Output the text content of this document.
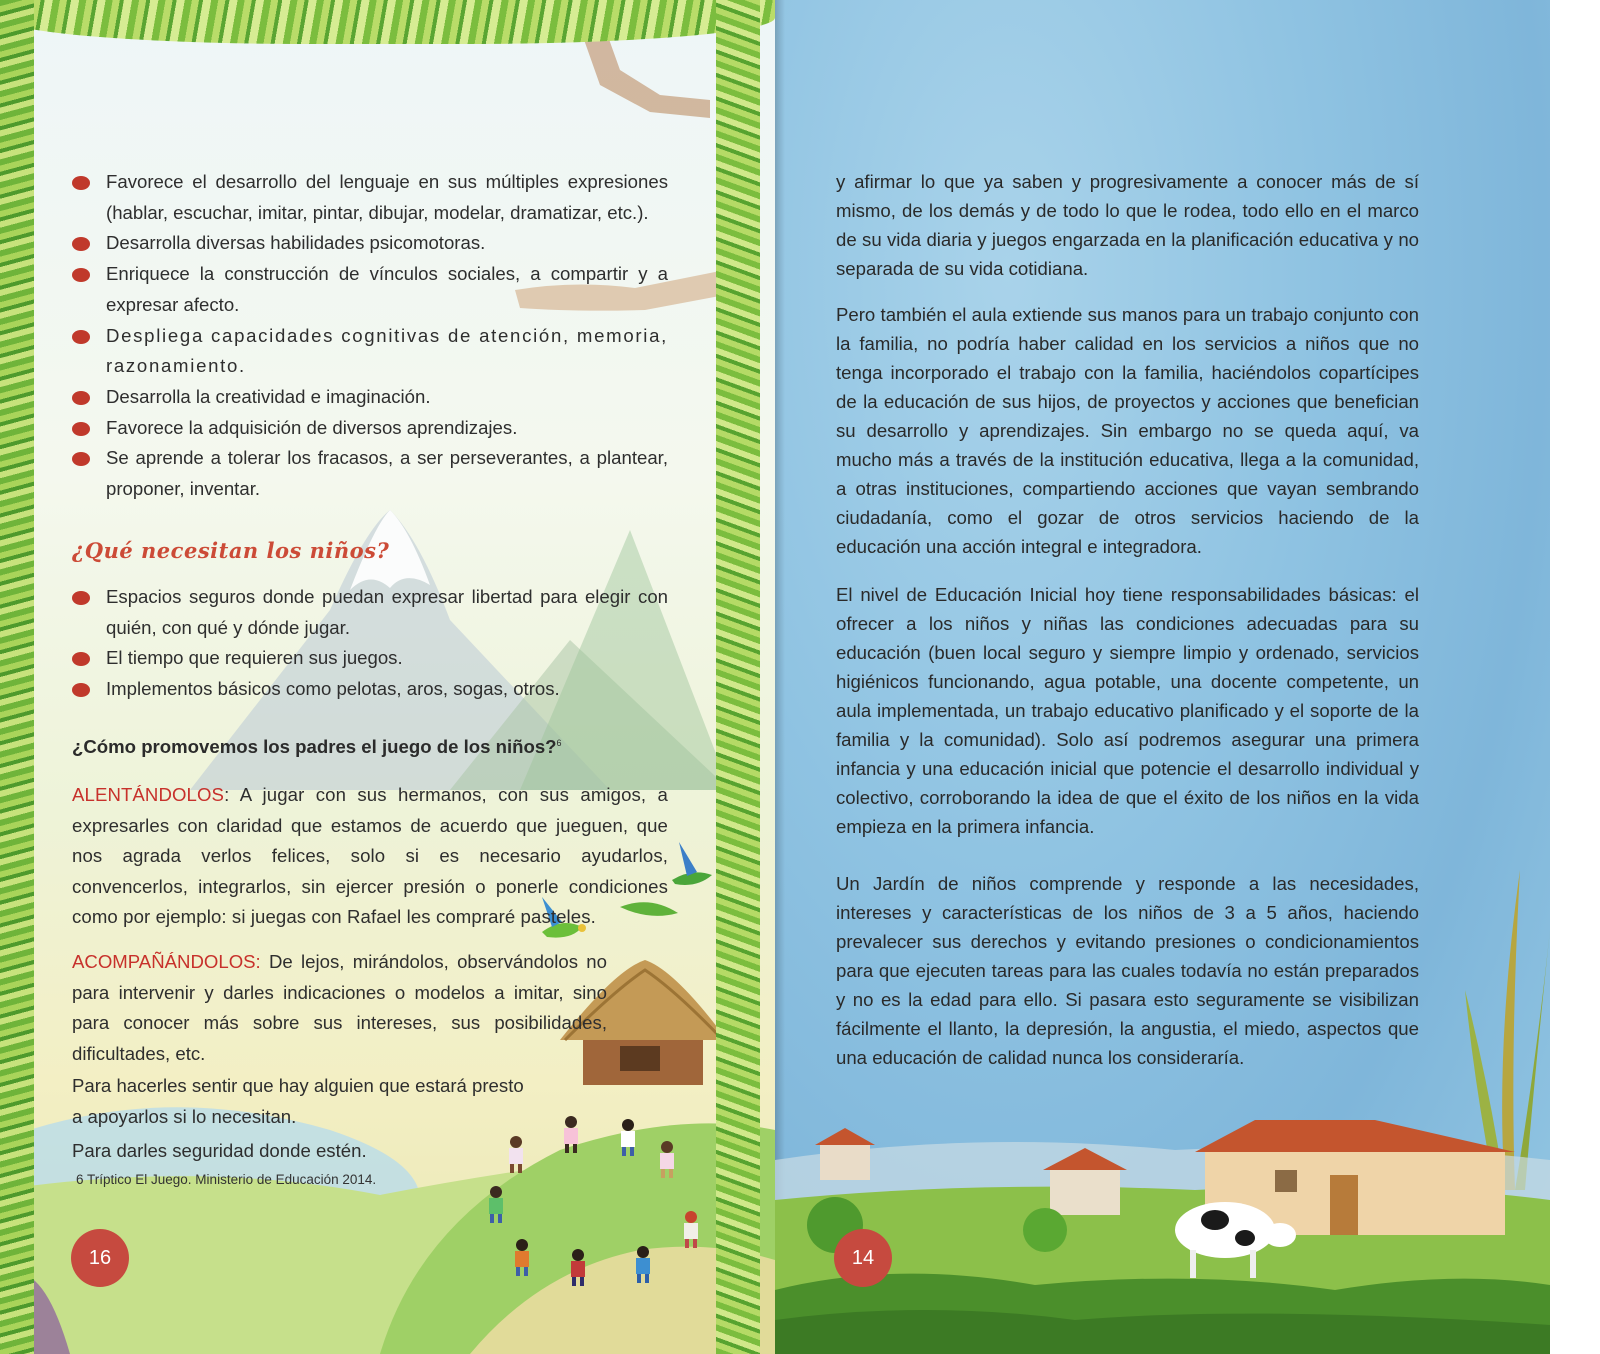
Favorece el desarrollo del lenguaje en sus múltiples expresiones (hablar, escuchar, imitar, pintar, dibujar, modelar, dramatizar, etc.).
Desarrolla diversas habilidades psicomotoras.
Enriquece la construcción de vínculos sociales, a compartir y a expresar afecto.
Despliega capacidades cognitivas de atención, memoria, razonamiento.
Desarrolla la creatividad e imaginación.
Favorece la adquisición de diversos aprendizajes.
Se aprende a tolerar los fracasos, a ser perseverantes, a plantear, proponer, inventar.
¿Qué necesitan los niños?
Espacios seguros donde puedan expresar libertad para elegir con quién, con qué y dónde jugar.
El tiempo que requieren sus juegos.
Implementos básicos como pelotas, aros, sogas, otros.
¿Cómo promovemos los padres el juego de los niños?$^6$

ALENTÁNDOLOS: A jugar con sus hermanos, con sus amigos, a expresarles con claridad que estamos de acuerdo que jueguen, que nos agrada verlos felices, solo si es necesario ayudarlos, convencerlos, integrarlos, sin ejercer presión o ponerle condiciones como por ejemplo: si juegas con Rafael les compraré pasteles.

ACOMPAÑÁNDOLOS: De lejos, mirándolos, observándolos no para intervenir y darles indicaciones o modelos a imitar, sino para conocer más sobre sus intereses, sus posibilidades, dificultades, etc.

Para hacerles sentir que hay alguien que estará presto a apoyarlos si lo necesitan.

Para darles seguridad donde estén.

6 Tríptico El Juego. Ministerio de Educación 2014.

16

y afirmar lo que ya saben y progresivamente a conocer más de sí mismo, de los demás y de todo lo que le rodea, todo ello en el marco de su vida diaria y juegos engarzada en la planificación educativa y no separada de su vida cotidiana.

Pero también el aula extiende sus manos para un trabajo conjunto con la familia, no podría haber calidad en los servicios a niños que no tenga incorporado el trabajo con la familia, haciéndolos copartícipes de la educación de sus hijos, de proyectos y acciones que benefician su desarrollo y aprendizajes. Sin embargo no se queda aquí, va mucho más a través de la institución educativa, llega a la comunidad, a otras instituciones, compartiendo acciones que vayan sembrando ciudadanía, como el gozar de otros servicios haciendo de la educación una acción integral e integradora.

El nivel de Educación Inicial hoy tiene responsabilidades básicas: el ofrecer a los niños y niñas las condiciones adecuadas para su educación (buen local seguro y siempre limpio y ordenado, servicios higiénicos funcionando, agua potable, una docente competente, un aula implementada, un trabajo educativo planificado y el soporte de la familia y la comunidad). Solo así podremos asegurar una primera infancia y una educación inicial que potencie el desarrollo individual y colectivo, corroborando la idea de que el éxito de los niños en la vida empieza en la primera infancia.

Un Jardín de niños comprende y responde a las necesidades, intereses y características de los niños de 3 a 5 años, haciendo prevalecer sus derechos y evitando presiones o condicionamientos para que ejecuten tareas para las cuales todavía no están preparados y no es la edad para ello. Si pasara esto seguramente se visibilizan fácilmente el llanto, la depresión, la angustia, el miedo, aspectos que una educación de calidad nunca los consideraría.

14
